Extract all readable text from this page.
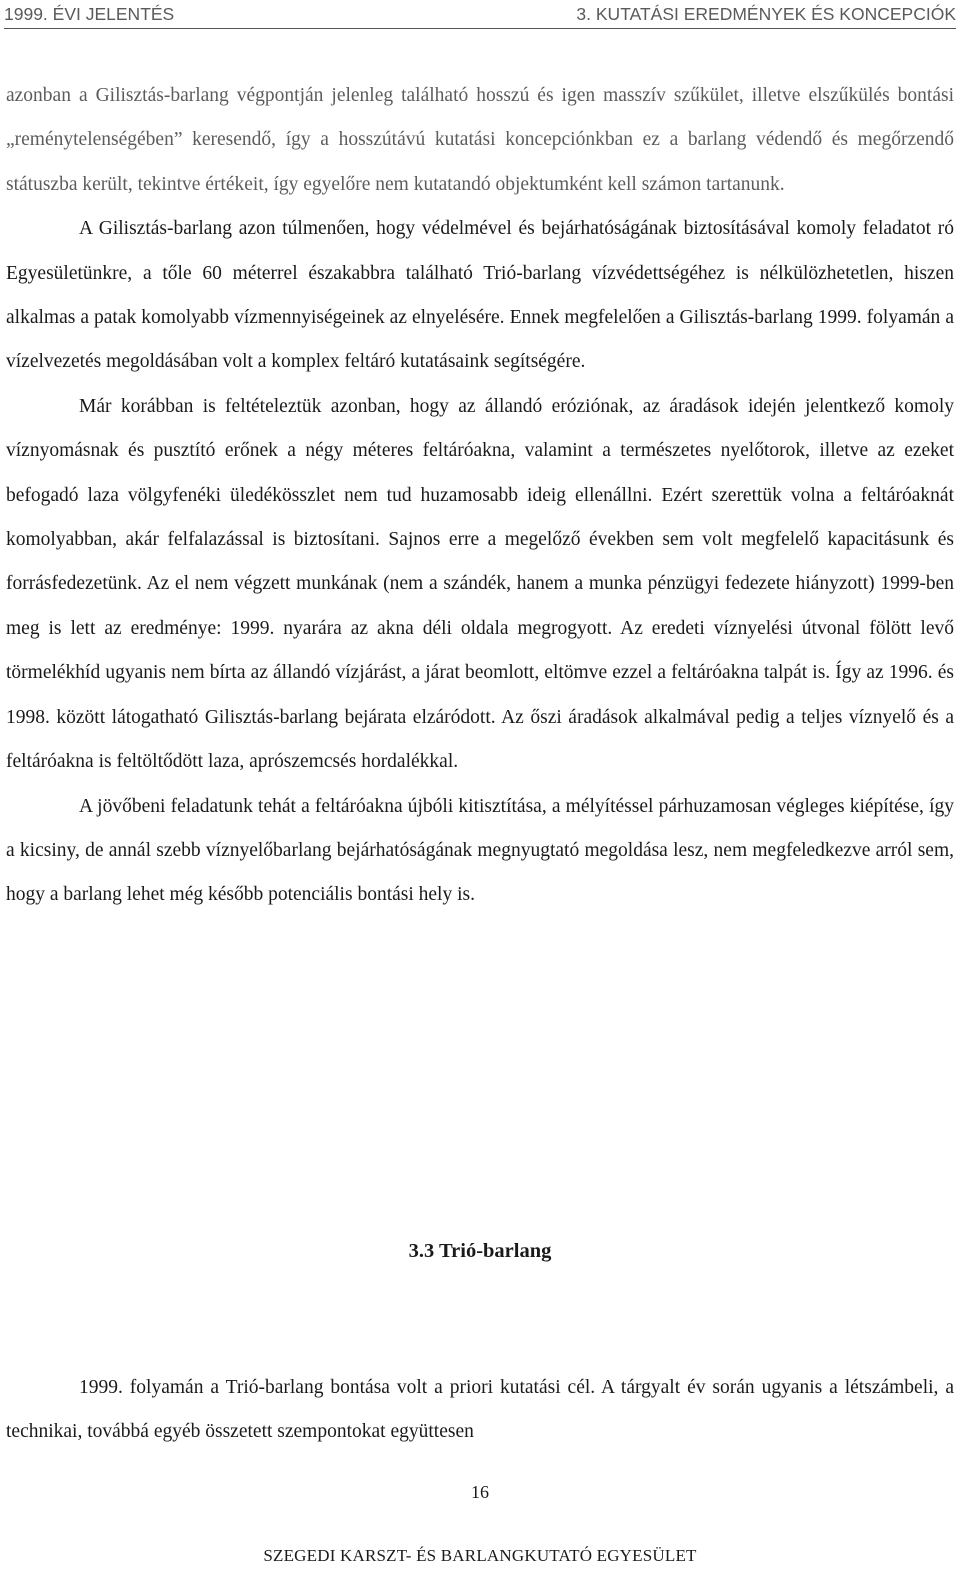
1999. ÉVI JELENTÉS	3. KUTATÁSI EREDMÉNYEK ÉS KONCEPCIÓK

azonban a Gilisztás-barlang végpontján jelenleg található hosszú és igen masszív szűkület, illetve elszűkülés bontási „reménytelenségében” keresendő, így a hosszútávú kutatási koncepciónkban ez a barlang védendő és megőrzendő státuszba került, tekintve értékeit, így egyelőre nem kutatandó objektumként kell számon tartanunk.

A Gilisztás-barlang azon túlmenően, hogy védelmével és bejárhatóságának biztosításával komoly feladatot ró Egyesületünkre, a tőle 60 méterrel északabbra található Trió-barlang vízvédettségéhez is nélkülözhetetlen, hiszen alkalmas a patak komolyabb vízmennyiségeinek az elnyelésére. Ennek megfelelően a Gilisztás-barlang 1999. folyamán a vízelvezetés megoldásában volt a komplex feltáró kutatásaink segítségére.

Már korábban is feltételeztük azonban, hogy az állandó eróziónak, az áradások idején jelentkező komoly víznyomásnak és pusztító erőnek a négy méteres feltáróakna, valamint a természetes nyelőtorok, illetve az ezeket befogadó laza völgyfenéki üledékösszlet nem tud huzamosabb ideig ellenállni. Ezért szerettük volna a feltáróaknát komolyabban, akár felfalazással is biztosítani. Sajnos erre a megelőző években sem volt megfelelő kapacitásunk és forrásfedezetünk. Az el nem végzett munkának (nem a szándék, hanem a munka pénzügyi fedezete hiányzott) 1999-ben meg is lett az eredménye: 1999. nyarára az akna déli oldala megrogyott. Az eredeti víznyelési útvonal fölött levő törmelékhíd ugyanis nem bírta az állandó vízjárást, a járat beomlott, eltömve ezzel a feltáróakna talpát is. Így az 1996. és 1998. között látogatható Gilisztás-barlang bejárata elzáródott. Az őszi áradások alkalmával pedig a teljes víznyelő és a feltáróakna is feltöltődött laza, aprószemcsés hordalékkal.

A jövőbeni feladatunk tehát a feltáróakna újbóli kitisztítása, a mélyítéssel párhuzamosan végleges kiépítése, így a kicsiny, de annál szebb víznyelőbarlang bejárhatóságának megnyugtató megoldása lesz, nem megfeledkezve arról sem, hogy a barlang lehet még később potenciális bontási hely is.

3.3 Trió-barlang

1999. folyamán a Trió-barlang bontása volt a priori kutatási cél. A tárgyalt év során ugyanis a létszámbeli, a technikai, továbbá egyéb összetett szempontokat együttesen

16
SZEGEDI KARSZT- ÉS BARLANGKUTATÓ EGYESÜLET
